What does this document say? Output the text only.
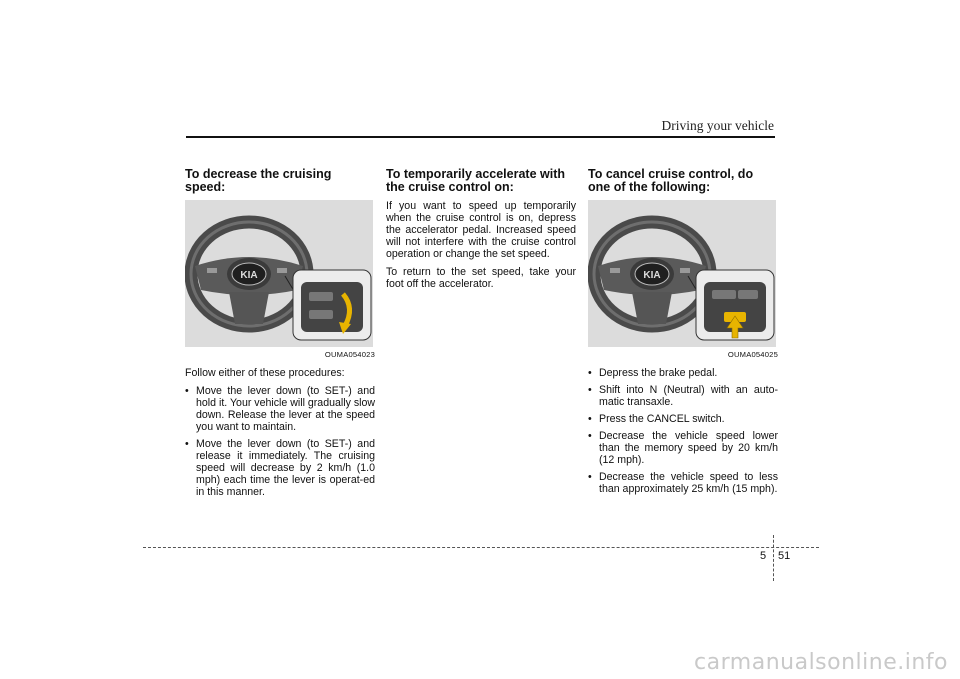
Driving your vehicle
To decrease the cruising speed:
KIA
OUMA054023
Follow either of these procedures:
• Move the lever down (to SET-) and hold it. Your vehicle will gradually slow down. Release the lever at the speed you want to maintain.
• Move the lever down (to SET-) and release it immediately. The cruising speed will decrease by 2 km/h (1.0 mph) each time the lever is operat-ed in this manner.
To temporarily accelerate with the cruise control on:
If you want to speed up temporarily when the cruise control is on, depress the accelerator pedal. Increased speed will not interfere with the cruise control operation or change the set speed.
To return to the set speed, take your foot off the accelerator.
To cancel cruise control, do one of the following:
KIA
OUMA054025
• Depress the brake pedal.
• Shift into N (Neutral) with an auto-matic transaxle.
• Press the CANCEL switch.
• Decrease the vehicle speed lower than the memory speed by 20 km/h (12 mph).
• Decrease the vehicle speed to less than approximately 25 km/h (15 mph).
5 51
carmanualsonline.info
